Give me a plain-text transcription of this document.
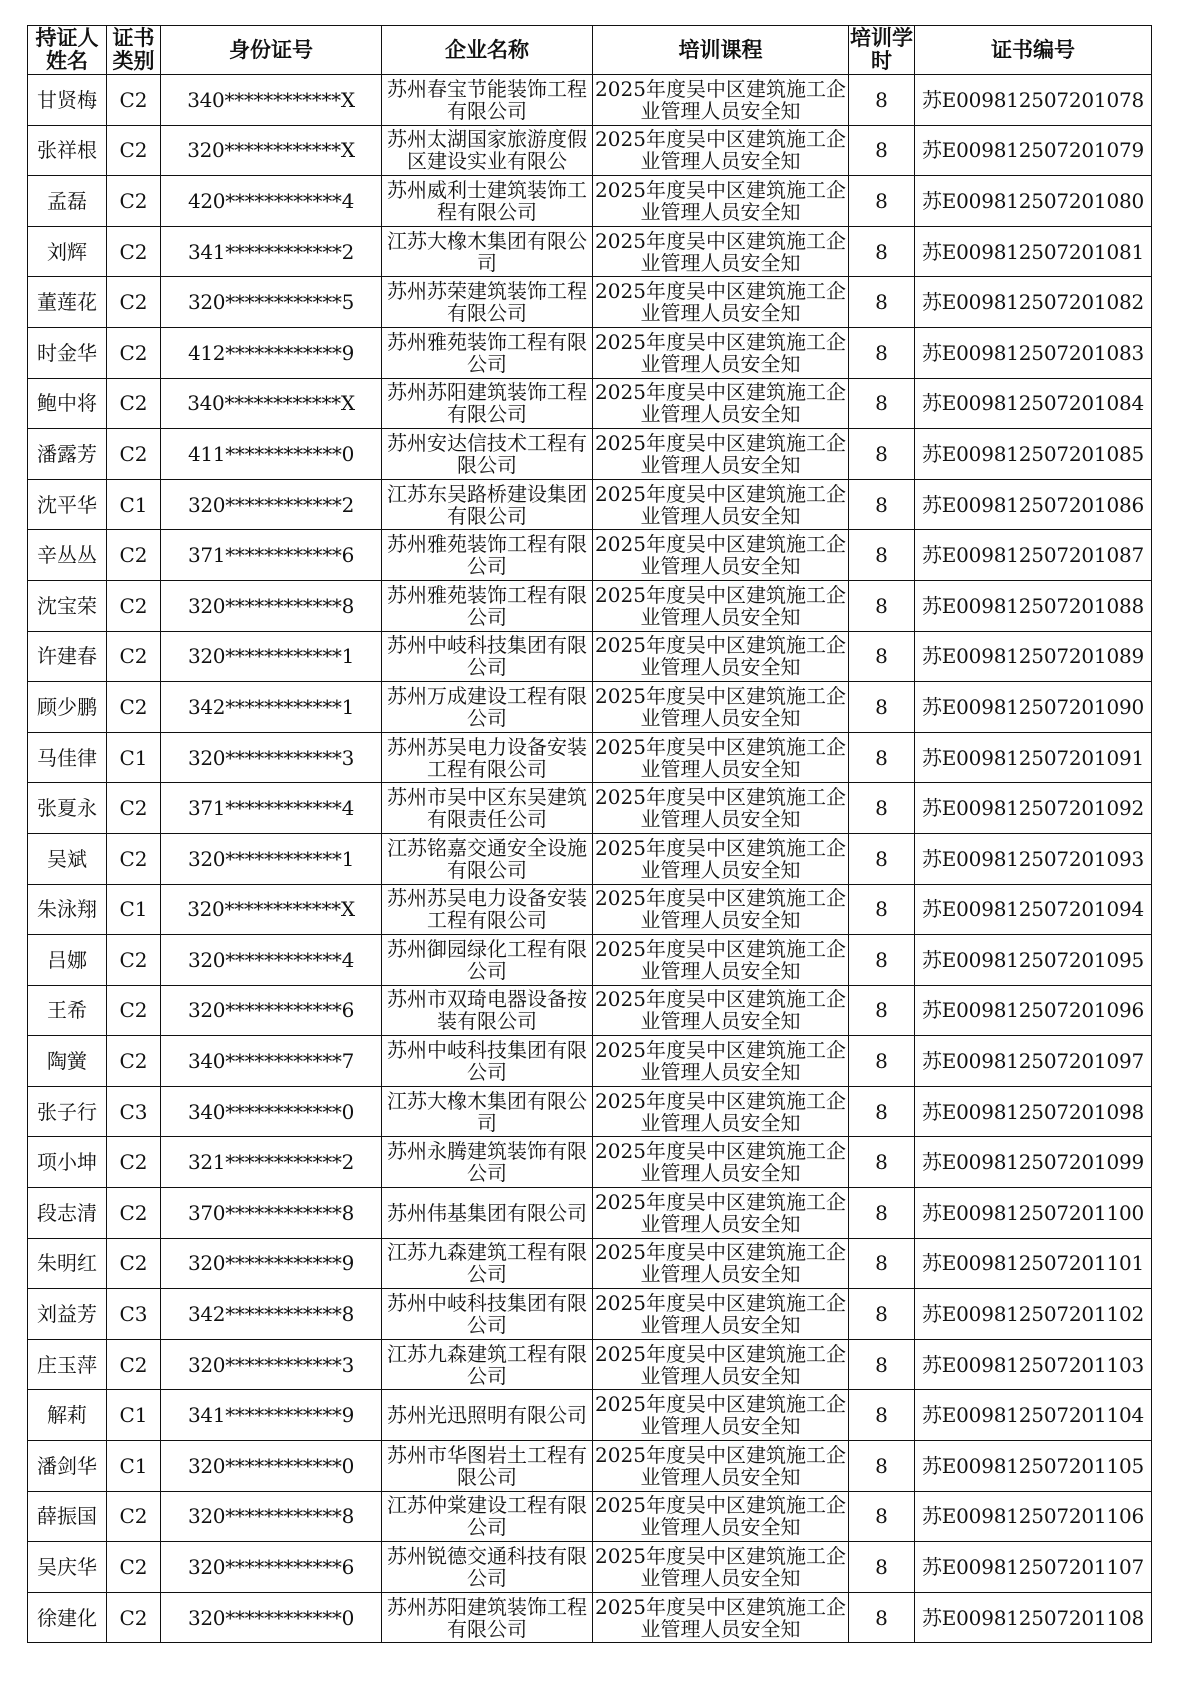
持证人姓名	证书类别	身份证号	企业名称	培训课程	培训学时	证书编号
甘贤梅	C2	340************X	苏州春宝节能装饰工程有限公司	2025年度吴中区建筑施工企业管理人员安全知	8	苏E009812507201078
张祥根	C2	320************X	苏州太湖国家旅游度假区建设实业有限公	2025年度吴中区建筑施工企业管理人员安全知	8	苏E009812507201079
孟磊	C2	420************4	苏州威利士建筑装饰工程有限公司	2025年度吴中区建筑施工企业管理人员安全知	8	苏E009812507201080
刘辉	C2	341************2	江苏大橡木集团有限公司	2025年度吴中区建筑施工企业管理人员安全知	8	苏E009812507201081
董莲花	C2	320************5	苏州苏荣建筑装饰工程有限公司	2025年度吴中区建筑施工企业管理人员安全知	8	苏E009812507201082
时金华	C2	412************9	苏州雅苑装饰工程有限公司	2025年度吴中区建筑施工企业管理人员安全知	8	苏E009812507201083
鲍中将	C2	340************X	苏州苏阳建筑装饰工程有限公司	2025年度吴中区建筑施工企业管理人员安全知	8	苏E009812507201084
潘露芳	C2	411************0	苏州安达信技术工程有限公司	2025年度吴中区建筑施工企业管理人员安全知	8	苏E009812507201085
沈平华	C1	320************2	江苏东吴路桥建设集团有限公司	2025年度吴中区建筑施工企业管理人员安全知	8	苏E009812507201086
辛丛丛	C2	371************6	苏州雅苑装饰工程有限公司	2025年度吴中区建筑施工企业管理人员安全知	8	苏E009812507201087
沈宝荣	C2	320************8	苏州雅苑装饰工程有限公司	2025年度吴中区建筑施工企业管理人员安全知	8	苏E009812507201088
许建春	C2	320************1	苏州中岐科技集团有限公司	2025年度吴中区建筑施工企业管理人员安全知	8	苏E009812507201089
顾少鹏	C2	342************1	苏州万成建设工程有限公司	2025年度吴中区建筑施工企业管理人员安全知	8	苏E009812507201090
马佳律	C1	320************3	苏州苏吴电力设备安装工程有限公司	2025年度吴中区建筑施工企业管理人员安全知	8	苏E009812507201091
张夏永	C2	371************4	苏州市吴中区东吴建筑有限责任公司	2025年度吴中区建筑施工企业管理人员安全知	8	苏E009812507201092
吴斌	C2	320************1	江苏铭嘉交通安全设施有限公司	2025年度吴中区建筑施工企业管理人员安全知	8	苏E009812507201093
朱泳翔	C1	320************X	苏州苏吴电力设备安装工程有限公司	2025年度吴中区建筑施工企业管理人员安全知	8	苏E009812507201094
吕娜	C2	320************4	苏州御园绿化工程有限公司	2025年度吴中区建筑施工企业管理人员安全知	8	苏E009812507201095
王希	C2	320************6	苏州市双琦电器设备按装有限公司	2025年度吴中区建筑施工企业管理人员安全知	8	苏E009812507201096
陶黉	C2	340************7	苏州中岐科技集团有限公司	2025年度吴中区建筑施工企业管理人员安全知	8	苏E009812507201097
张子行	C3	340************0	江苏大橡木集团有限公司	2025年度吴中区建筑施工企业管理人员安全知	8	苏E009812507201098
项小坤	C2	321************2	苏州永腾建筑装饰有限公司	2025年度吴中区建筑施工企业管理人员安全知	8	苏E009812507201099
段志清	C2	370************8	苏州伟基集团有限公司	2025年度吴中区建筑施工企业管理人员安全知	8	苏E009812507201100
朱明红	C2	320************9	江苏九森建筑工程有限公司	2025年度吴中区建筑施工企业管理人员安全知	8	苏E009812507201101
刘益芳	C3	342************8	苏州中岐科技集团有限公司	2025年度吴中区建筑施工企业管理人员安全知	8	苏E009812507201102
庄玉萍	C2	320************3	江苏九森建筑工程有限公司	2025年度吴中区建筑施工企业管理人员安全知	8	苏E009812507201103
解莉	C1	341************9	苏州光迅照明有限公司	2025年度吴中区建筑施工企业管理人员安全知	8	苏E009812507201104
潘剑华	C1	320************0	苏州市华图岩土工程有限公司	2025年度吴中区建筑施工企业管理人员安全知	8	苏E009812507201105
薛振国	C2	320************8	江苏仲棠建设工程有限公司	2025年度吴中区建筑施工企业管理人员安全知	8	苏E009812507201106
吴庆华	C2	320************6	苏州锐德交通科技有限公司	2025年度吴中区建筑施工企业管理人员安全知	8	苏E009812507201107
徐建化	C2	320************0	苏州苏阳建筑装饰工程有限公司	2025年度吴中区建筑施工企业管理人员安全知	8	苏E009812507201108
